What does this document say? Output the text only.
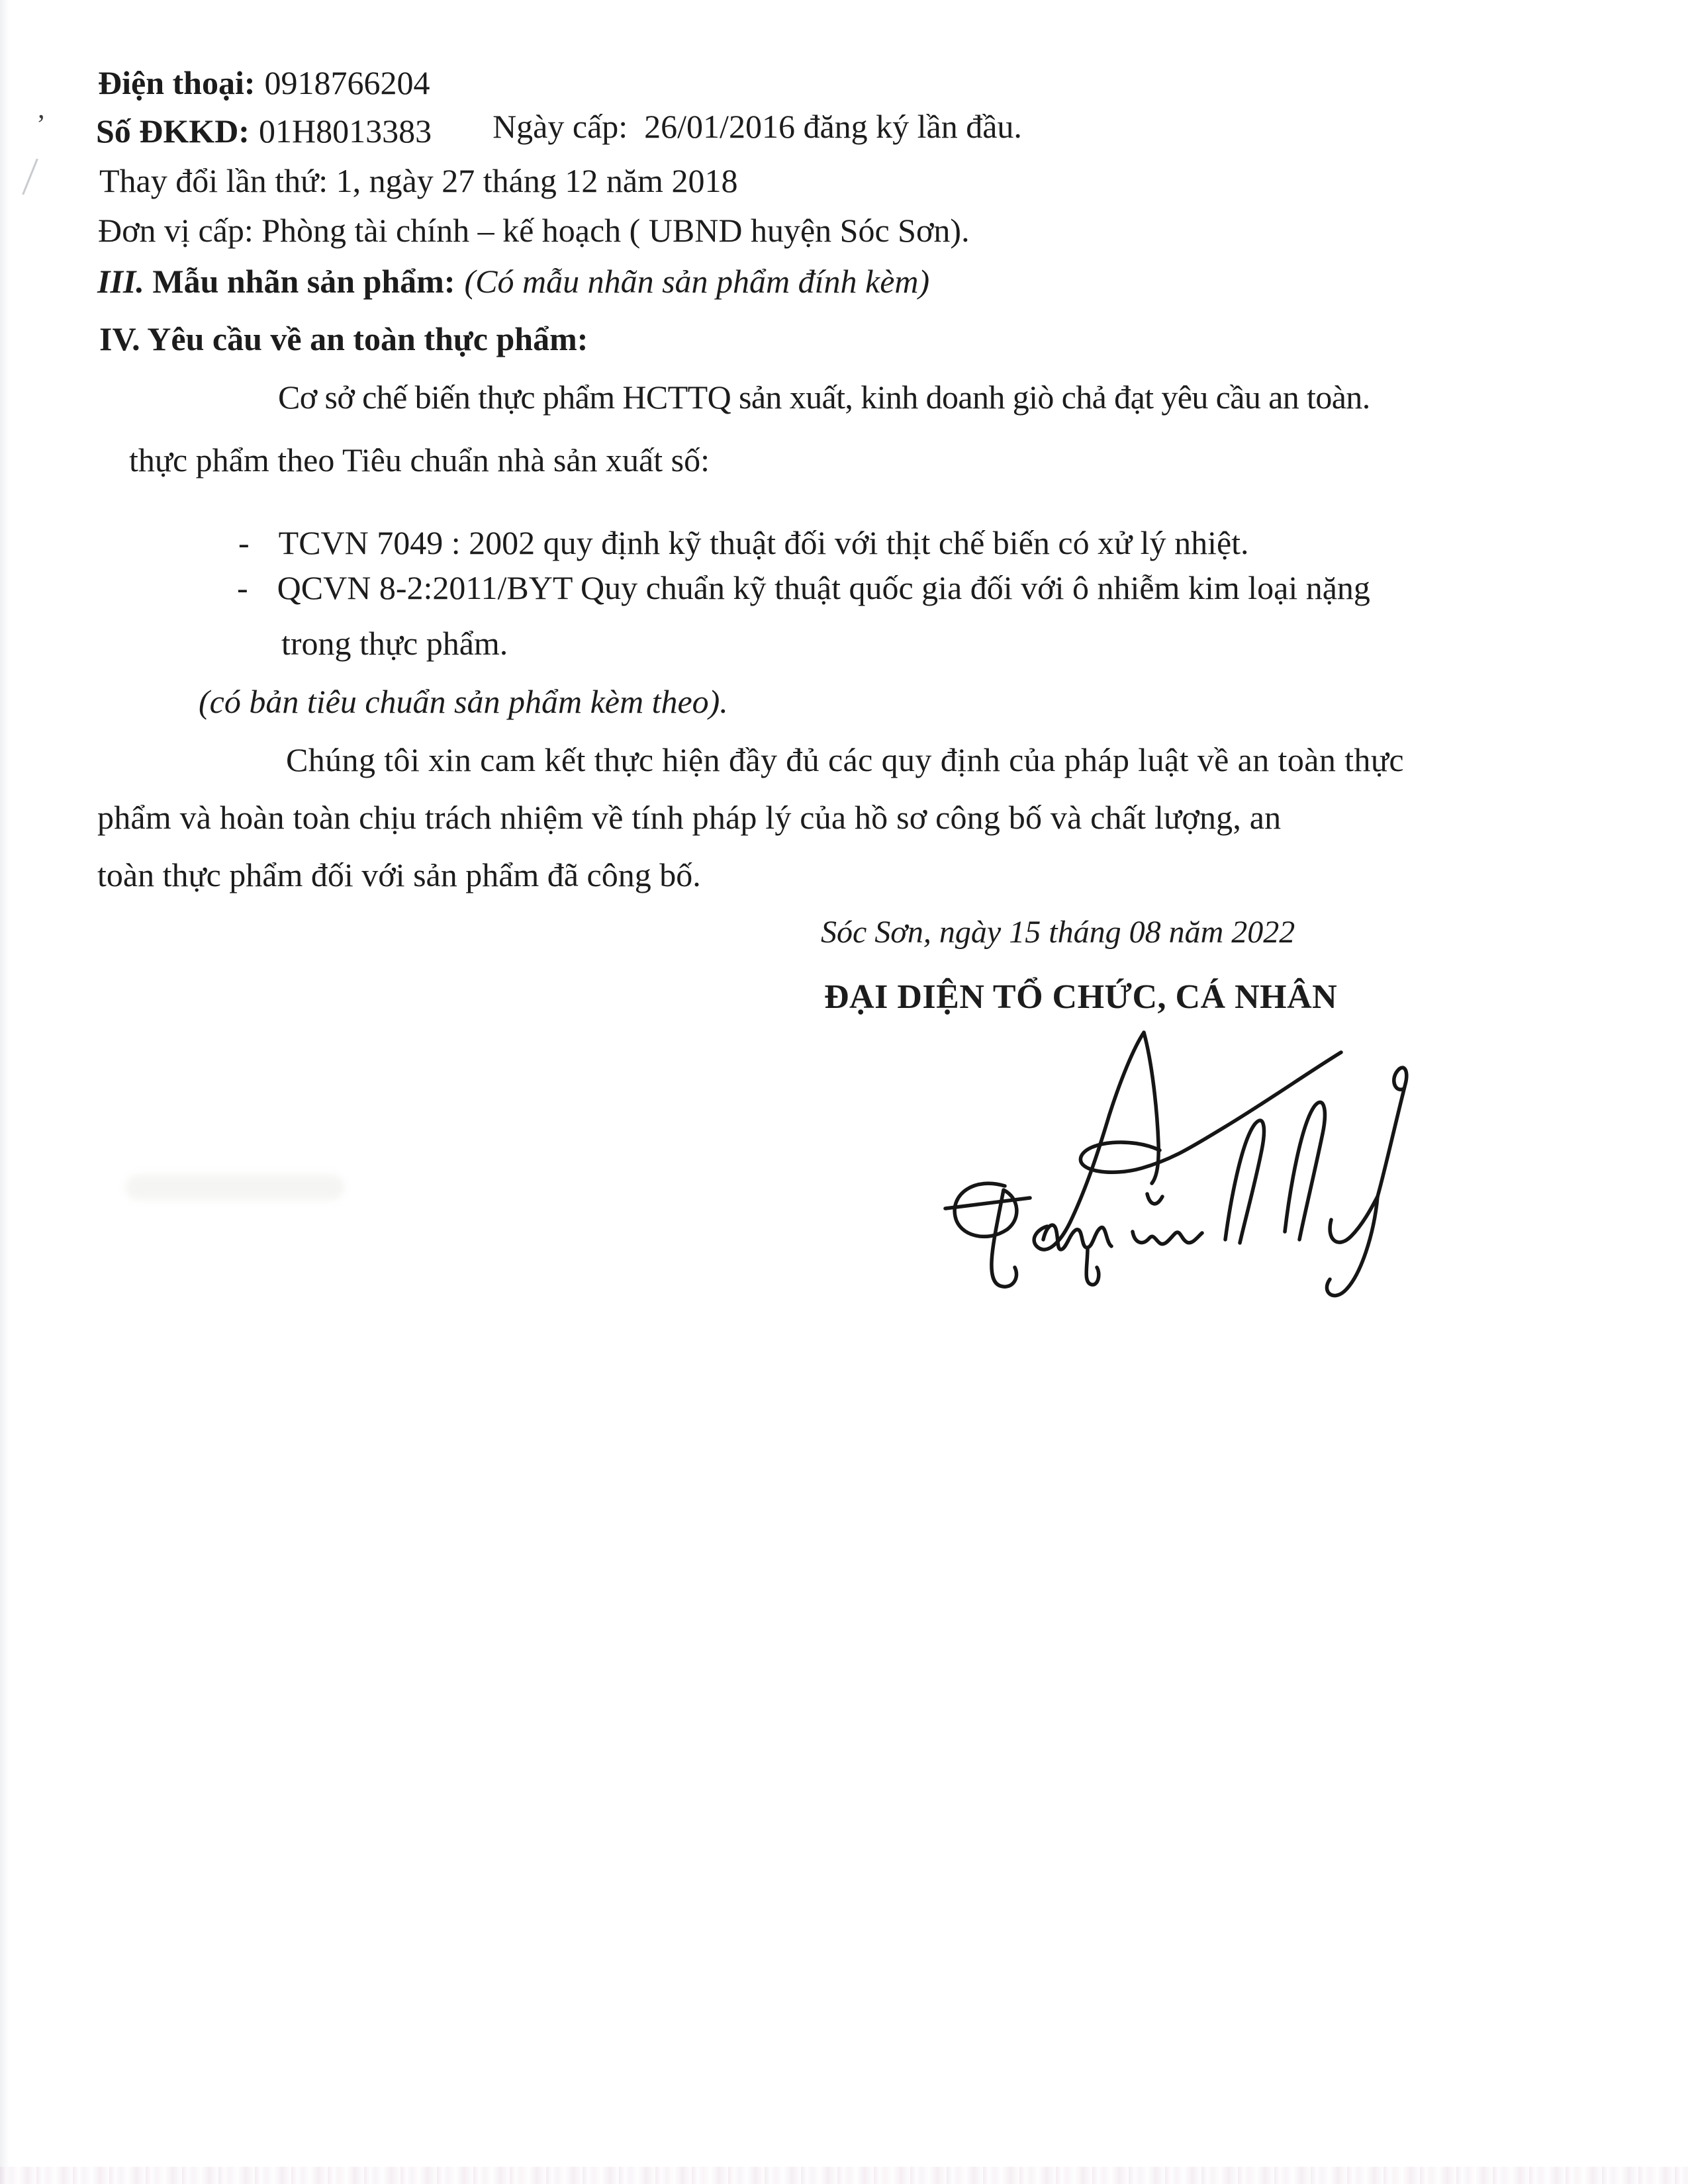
Điện thoại: 0918766204
’ Số ĐKKD: 01H8013383 Ngày cấp: 26/01/2016 đăng ký lần đầu.
Thay đổi lần thứ: 1, ngày 27 tháng 12 năm 2018
Đơn vị cấp: Phòng tài chính – kế hoạch ( UBND huyện Sóc Sơn).
III. Mẫu nhãn sản phẩm: (Có mẫu nhãn sản phẩm đính kèm)
IV. Yêu cầu về an toàn thực phẩm:
Cơ sở chế biến thực phẩm HCTTQ sản xuất, kinh doanh giò chả đạt yêu cầu an toàn.
thực phẩm theo Tiêu chuẩn nhà sản xuất số:
- TCVN 7049 : 2002 quy định kỹ thuật đối với thịt chế biến có xử lý nhiệt.
- QCVN 8-2:2011/BYT Quy chuẩn kỹ thuật quốc gia đối với ô nhiễm kim loại nặng
trong thực phẩm.
(có bản tiêu chuẩn sản phẩm kèm theo).
Chúng tôi xin cam kết thực hiện đầy đủ các quy định của pháp luật về an toàn thực
phẩm và hoàn toàn chịu trách nhiệm về tính pháp lý của hồ sơ công bố và chất lượng, an
toàn thực phẩm đối với sản phẩm đã công bố.
Sóc Sơn, ngày 15 tháng 08 năm 2022
ĐẠI DIỆN TỔ CHỨC, CÁ NHÂN
